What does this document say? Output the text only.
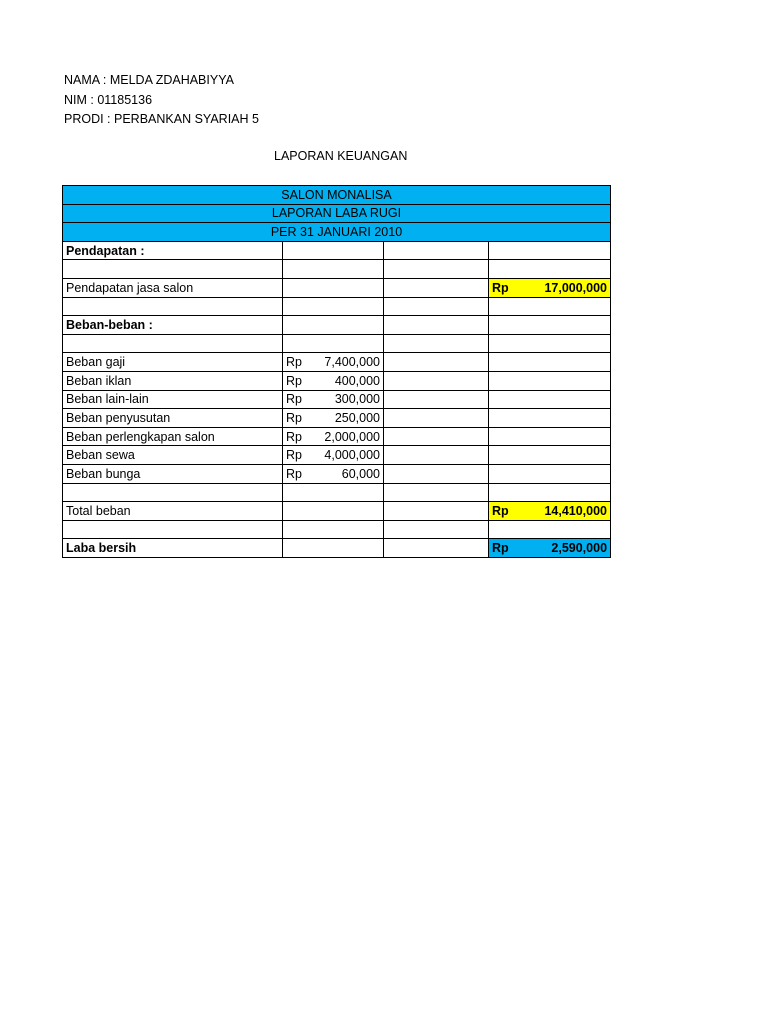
NAMA : MELDA ZDAHABIYYA
NIM : 01185136
PRODI : PERBANKAN SYARIAH 5
LAPORAN KEUANGAN
SALON MONALISA			
LAPORAN LABA RUGI			
PER 31 JANUARI 2010			
Pendapatan :			

Pendapatan jasa salon			Rp 17,000,000

Beban-beban :			

Beban gaji	Rp 7,400,000		

Beban iklan	Rp 400,000		

Beban lain-lain	Rp 300,000		

Beban penyusutan	Rp 250,000		

Beban perlengkapan salon	Rp 2,000,000		

Beban sewa	Rp 4,000,000		

Beban bunga	Rp 60,000		

Total beban			Rp 14,410,000

Laba bersih			Rp 2,590,000
